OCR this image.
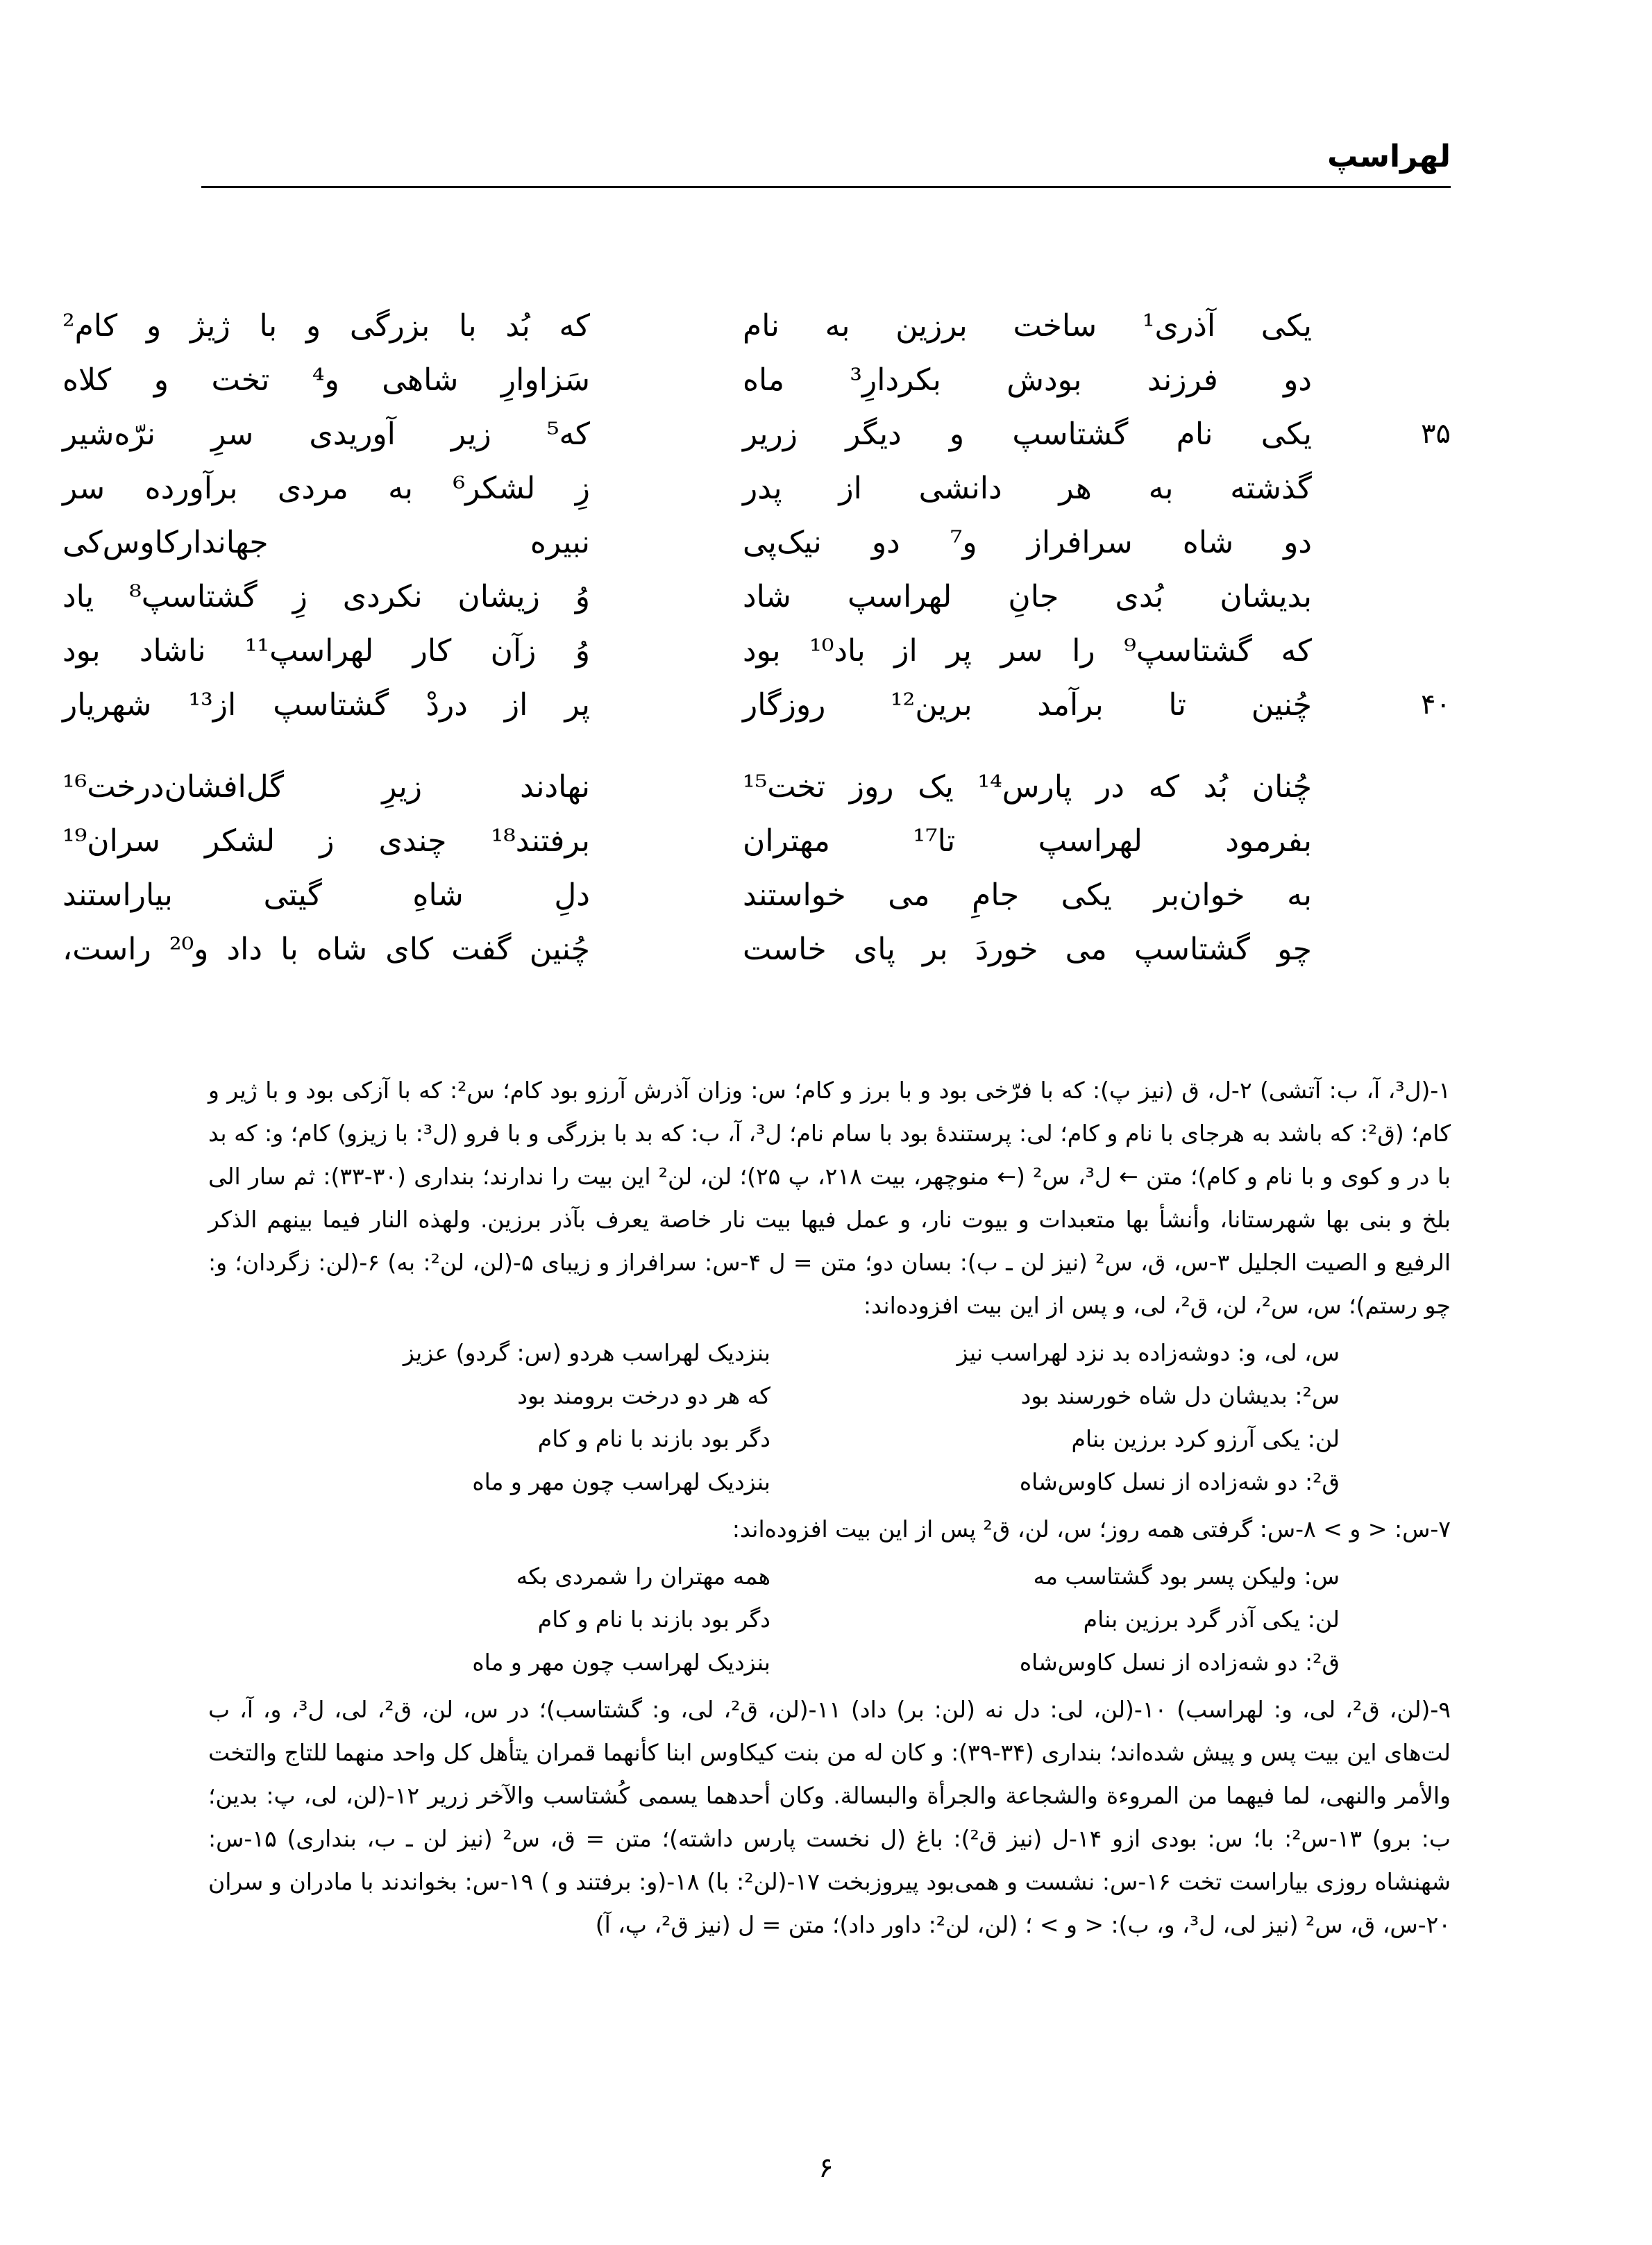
لهراسپ
یکی آذری¹ ساخت برزین به نام
که بُد با بزرگی و با ژیژ و کام²
دو فرزند بودش بکردارِ³ ماه
سَزاوارِ شاهی و⁴ تخت و کلاه
۳۵
یکی نام گشتاسپ و دیگر زریر
که⁵ زیر آوریدی سرِ نرّه‌شیر
گذشته به هر دانشی از پدر
زِ لشکر⁶ به مردی برآورده سر
دو شاه سرافراز و⁷ دو نیک‌پی
نبیره جهاندارکاوس‌کی
بدیشان بُدی جانِ لهراسپ شاد
وُ زیشان نکردی زِ گشتاسپ⁸ یاد
که گشتاسپ⁹ را سر پر از باد¹⁰ بود
وُ زآن کار لهراسپ¹¹ ناشاد بود
۴۰
چُنین تا برآمد برین¹² روزگار
پر از دردْ گشتاسپ از¹³ شهریار
چُنان بُد که در پارس¹⁴ یک روز تخت¹⁵
نهادند زیرِ گل‌افشان‌درخت¹⁶
بفرمود لهراسپ تا¹⁷ مهتران
برفتند¹⁸ چندی ز لشکر سران¹⁹
به خوان‌بر یکی جامِ می خواستند
دلِ شاهِ گیتی بیاراستند
چو گشتاسپ می خوردَ بر پای خاست
چُنین گفت کای شاه با داد و²⁰ راست،

۱-(ل³، آ، ب: آتشی) ۲-ل، ق (نیز پ): که با فرّخی بود و با برز و کام؛ س: وزان آذرش آرزو بود کام؛ س²: که با آزکی بود و با ژیر و کام؛ (ق²: که باشد به هرجای با نام و کام؛ لی: پرستندهٔ بود با سام نام؛ ل³، آ، ب: که بد با بزرگی و با فرو (ل³: با زیزو) کام؛ و: که بد با در و کوی و با نام و کام)؛ متن ← ل³، س² (← منوچهر، بیت ۲۱۸، پ ۲۵)؛ لن، لن² این بیت را ندارند؛ بنداری (۳۰-۳۳): ثم سار الی بلخ و بنی بها شهرستانا، وأنشأ بها متعبدات و بیوت نار، و عمل فیها بیت نار خاصة یعرف بآذر برزین. ولهذه النار فیما بینهم الذکر الرفیع و الصیت الجلیل ۳-س، ق، س² (نیز لن ـ ب): بسان دو؛ متن = ل ۴-س: سرافراز و زیبای ۵-(لن، لن²: به) ۶-(لن: زگردان؛ و: چو رستم)؛ س، س²، لن، ق²، لی، و پس از این بیت افزوده‌اند:

س، لی، و: دوشه‌زاده بد نزد لهراسب نیز
بنزدیک لهراسب هردو (س: گردو) عزیز
س²: بدیشان دل شاه خورسند بود
که هر دو درخت برومند بود
لن: یکی آرزو کرد برزین بنام
دگر بود بازند با نام و کام
ق²: دو شه‌زاده از نسل کاوس‌شاه
بنزدیک لهراسب چون مهر و ماه

۷-س: < و > ۸-س: گرفتی همه روز؛ س، لن، ق² پس از این بیت افزوده‌اند:

س: ولیکن پسر بود گشتاسب مه
همه مهتران را شمردی بکه
لن: یکی آذر گرد برزین بنام
دگر بود بازند با نام و کام
ق²: دو شه‌زاده از نسل کاوس‌شاه
بنزدیک لهراسب چون مهر و ماه

۹-(لن، ق²، لی، و: لهراسب) ۱۰-(لن، لی: دل نه (لن: بر) داد) ۱۱-(لن، ق²، لی، و: گشتاسب)؛ در س، لن، ق²، لی، ل³، و، آ، ب لت‌های این بیت پس و پیش شده‌اند؛ بنداری (۳۴-۳۹): و کان له من بنت کیکاوس ابنا کأنهما قمران یتأهل کل واحد منهما للتاج والتخت والأمر والنهی، لما فیهما من المروءة والشجاعة والجرأة والبسالة. وکان أحدهما یسمی کُشتاسب والآخر زریر ۱۲-(لن، لی، پ: بدین؛ ب: برو) ۱۳-س²: با؛ س: بودی ازو ۱۴-ل (نیز ق²): باغ (ل نخست پارس داشته)؛ متن = ق، س² (نیز لن ـ ب، بنداری) ۱۵-س: شهنشاه روزی بیاراست تخت ۱۶-س: نشست و همی‌بود پیروزبخت ۱۷-(لن²: با) ۱۸-(و: برفتند و ) ۱۹-س: بخواندند با مادران و سران ۲۰-س، ق، س² (نیز لی، ل³، و، ب): < و > ؛ (لن، لن²: داور داد)؛ متن = ل (نیز ق²، پ، آ)

۶
